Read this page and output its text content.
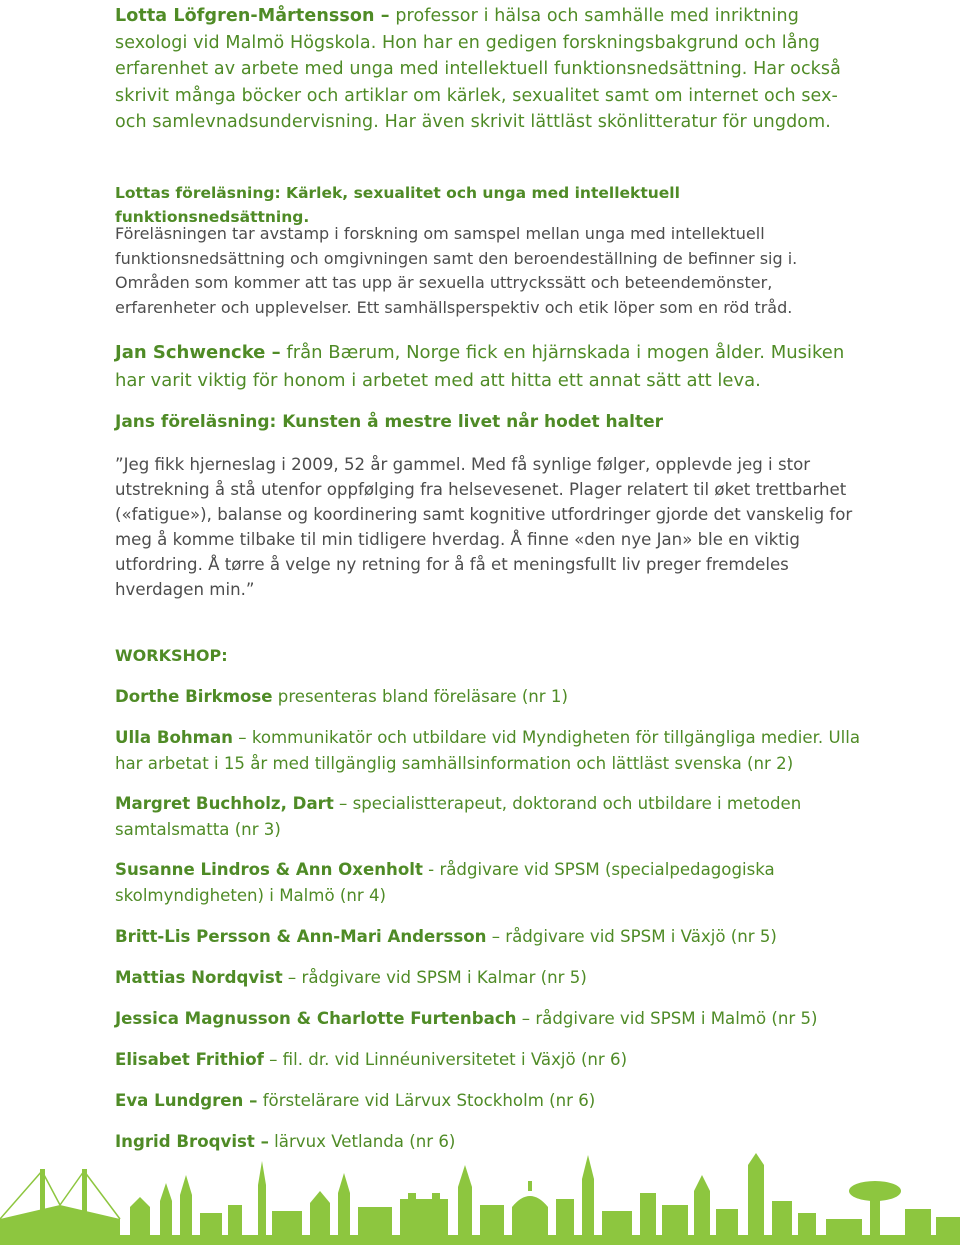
Lotta Löfgren-Mårtensson – professor i hälsa och samhälle med inriktning sexologi vid Malmö Högskola. Hon har en gedigen forskningsbakgrund och lång erfarenhet av arbete med unga med intellektuell funktionsnedsättning. Har också skrivit många böcker och artiklar om kärlek, sexualitet samt om internet och sex- och samlevnadsundervisning. Har även skrivit lättläst skönlitteratur för ungdom.

Lottas föreläsning: Kärlek, sexualitet och unga med intellektuell funktionsnedsättning.

Föreläsningen tar avstamp i forskning om samspel mellan unga med intellektuell funktionsnedsättning och omgivningen samt den beroendeställning de befinner sig i. Områden som kommer att tas upp är sexuella uttryckssätt och beteendemönster, erfarenheter och upplevelser. Ett samhällsperspektiv och etik löper som en röd tråd.

Jan Schwencke – från Bærum, Norge fick en hjärnskada i mogen ålder. Musiken har varit viktig för honom i arbetet med att hitta ett annat sätt att leva.

Jans föreläsning: Kunsten å mestre livet når hodet halter

”Jeg fikk hjerneslag i 2009, 52 år gammel. Med få synlige følger, opplevde jeg i stor utstrekning å stå utenfor oppfølging fra helsevesenet. Plager relatert til øket trettbarhet («fatigue»), balanse og koordinering samt kognitive utfordringer gjorde det vanskelig for meg å komme tilbake til min tidligere hverdag. Å finne «den nye Jan» ble en viktig utfordring. Å tørre å velge ny retning for å få et meningsfullt liv preger fremdeles hverdagen min.”

WORKSHOP:

Dorthe Birkmose presenteras bland föreläsare (nr 1)

Ulla Bohman – kommunikatör och utbildare vid Myndigheten för tillgängliga medier. Ulla har arbetat i 15 år med tillgänglig samhällsinformation och lättläst svenska (nr 2)

Margret Buchholz, Dart – specialistterapeut, doktorand och utbildare i metoden samtalsmatta (nr 3)

Susanne Lindros & Ann Oxenholt - rådgivare vid SPSM (specialpedagogiska skolmyndigheten) i Malmö (nr 4)

Britt-Lis Persson & Ann-Mari Andersson – rådgivare vid SPSM i Växjö (nr 5)

Mattias Nordqvist – rådgivare vid SPSM i Kalmar (nr 5)

Jessica Magnusson & Charlotte Furtenbach – rådgivare vid SPSM i Malmö (nr 5)

Elisabet Frithiof – fil. dr. vid Linnéuniversitetet i Växjö (nr 6)

Eva Lundgren – förstelärare vid Lärvux Stockholm (nr 6)

Ingrid Broqvist – lärvux Vetlanda (nr 6)
